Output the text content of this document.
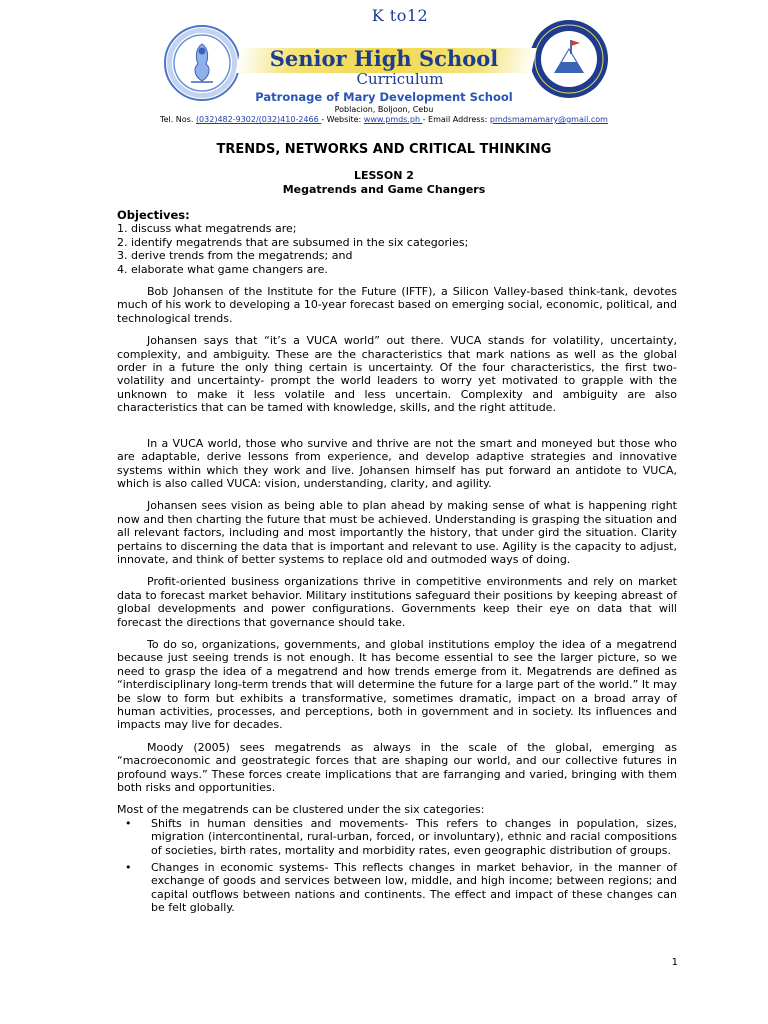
K to12
Senior High School
Curriculum
Patronage of Mary Development School
Poblacion, Boljoon, Cebu
Tel. Nos. (032)482-9302/(032)410-2466 - Website: www.pmds.ph - Email Address: pmdsmamamary@gmail.com
TRENDS, NETWORKS AND CRITICAL THINKING
LESSON 2
Megatrends and Game Changers

Objectives:

1. discuss what megatrends are;
2. identify megatrends that are subsumed in the six categories;
3. derive trends from the megatrends; and
4. elaborate what game changers are.

Bob Johansen of the Institute for the Future (IFTF), a Silicon Valley-based think-tank, devotes much of his work to developing a 10-year forecast based on emerging social, economic, political, and technological trends.

Johansen says that “it’s a VUCA world” out there. VUCA stands for volatility, uncertainty, complexity, and ambiguity. These are the characteristics that mark nations as well as the global order in a future the only thing certain is uncertainty. Of the four characteristics, the first two- volatility and uncertainty- prompt the world leaders to worry yet motivated to grapple with the unknown to make it less volatile and less uncertain. Complexity and ambiguity are also characteristics that can be tamed with knowledge, skills, and the right attitude.

In a VUCA world, those who survive and thrive are not the smart and moneyed but those who are adaptable, derive lessons from experience, and develop adaptive strategies and innovative systems within which they work and live. Johansen himself has put forward an antidote to VUCA, which is also called VUCA: vision, understanding, clarity, and agility.

Johansen sees vision as being able to plan ahead by making sense of what is happening right now and then charting the future that must be achieved. Understanding is grasping the situation and all relevant factors, including and most importantly the history, that under gird the situation. Clarity pertains to discerning the data that is important and relevant to use. Agility is the capacity to adjust, innovate, and think of better systems to replace old and outmoded ways of doing.

Profit-oriented business organizations thrive in competitive environments and rely on market data to forecast market behavior. Military institutions safeguard their positions by keeping abreast of global developments and power configurations. Governments keep their eye on data that will forecast the directions that governance should take.

To do so, organizations, governments, and global institutions employ the idea of a megatrend because just seeing trends is not enough. It has become essential to see the larger picture, so we need to grasp the idea of a megatrend and how trends emerge from it. Megatrends are defined as “interdisciplinary long-term trends that will determine the future for a large part of the world.” It may be slow to form but exhibits a transformative, sometimes dramatic, impact on a broad array of human activities, processes, and perceptions, both in government and in society. Its influences and impacts may live for decades.

Moody (2005) sees megatrends as always in the scale of the global, emerging as “macroeconomic and geostrategic forces that are shaping our world, and our collective futures in profound ways.” These forces create implications that are farranging and varied, bringing with them both risks and opportunities.

Most of the megatrends can be clustered under the six categories:

• Shifts in human densities and movements- This refers to changes in population, sizes, migration (intercontinental, rural-urban, forced, or involuntary), ethnic and racial compositions of societies, birth rates, mortality and morbidity rates, even geographic distribution of groups.
• Changes in economic systems- This reflects changes in market behavior, in the manner of exchange of goods and services between low, middle, and high income; between regions; and capital outflows between nations and continents. The effect and impact of these changes can be felt globally.
1
